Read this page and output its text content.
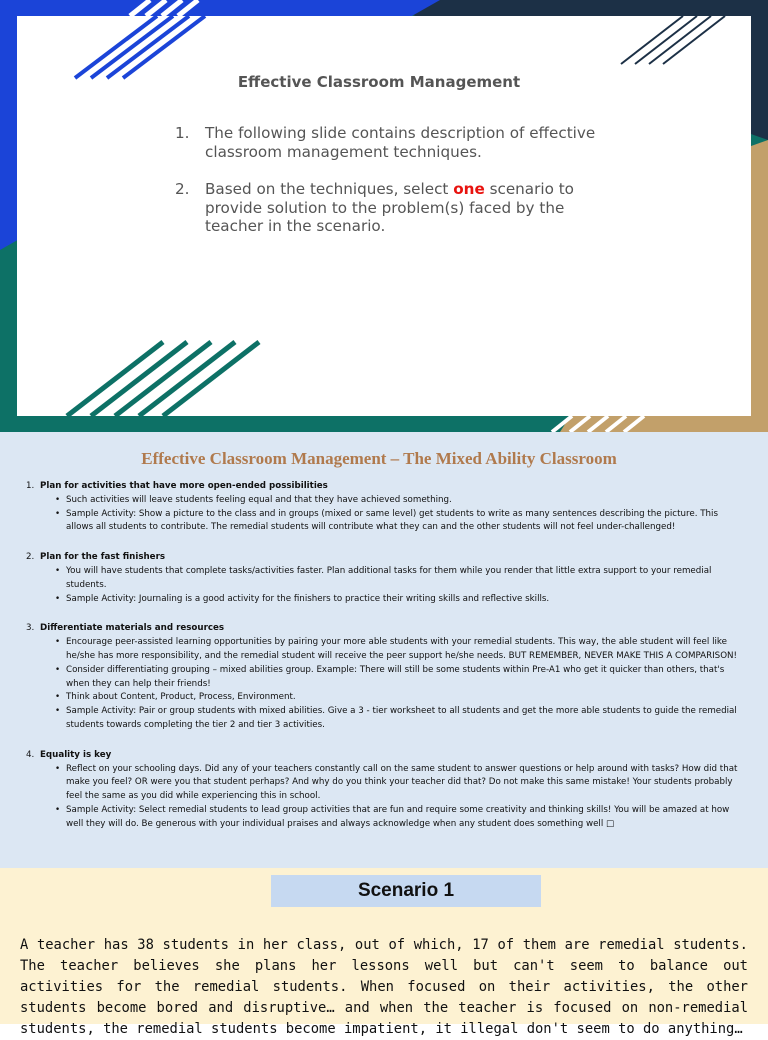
Effective Classroom Management
1. The following slide contains description of effective classroom management techniques.
2. Based on the techniques, select one scenario to provide solution to the problem(s) faced by the teacher in the scenario.
Effective Classroom Management – The Mixed Ability Classroom
1. Plan for activities that have more open-ended possibilities
• Such activities will leave students feeling equal and that they have achieved something.
• Sample Activity: Show a picture to the class and in groups (mixed or same level) get students to write as many sentences describing the picture. This allows all students to contribute. The remedial students will contribute what they can and the other students will not feel under-challenged!
2. Plan for the fast finishers
• You will have students that complete tasks/activities faster. Plan additional tasks for them while you render that little extra support to your remedial students.
• Sample Activity: Journaling is a good activity for the finishers to practice their writing skills and reflective skills.
3. Differentiate materials and resources
• Encourage peer-assisted learning opportunities by pairing your more able students with your remedial students. This way, the able student will feel like he/she has more responsibility, and the remedial student will receive the peer support he/she needs. BUT REMEMBER, NEVER MAKE THIS A COMPARISON!
• Consider differentiating grouping – mixed abilities group. Example: There will still be some students within Pre-A1 who get it quicker than others, that's when they can help their friends!
• Think about Content, Product, Process, Environment.
• Sample Activity: Pair or group students with mixed abilities. Give a 3 - tier worksheet to all students and get the more able students to guide the remedial students towards completing the tier 2 and tier 3 activities.
4. Equality is key
• Reflect on your schooling days. Did any of your teachers constantly call on the same student to answer questions or help around with tasks? How did that make you feel? OR were you that student perhaps? And why do you think your teacher did that? Do not make this same mistake! Your students probably feel the same as you did while experiencing this in school.
• Sample Activity: Select remedial students to lead group activities that are fun and require some creativity and thinking skills! You will be amazed at how well they will do. Be generous with your individual praises and always acknowledge when any student does something well □
Scenario 1
A teacher has 38 students in her class, out of which, 17 of them are remedial students. The teacher believes she plans her lessons well but can't seem to balance out activities for the remedial students. When focused on their activities, the other students become bored and disruptive… and when the teacher is focused on non-remedial students, the remedial students become impatient, it illegal don't seem to do anything…
